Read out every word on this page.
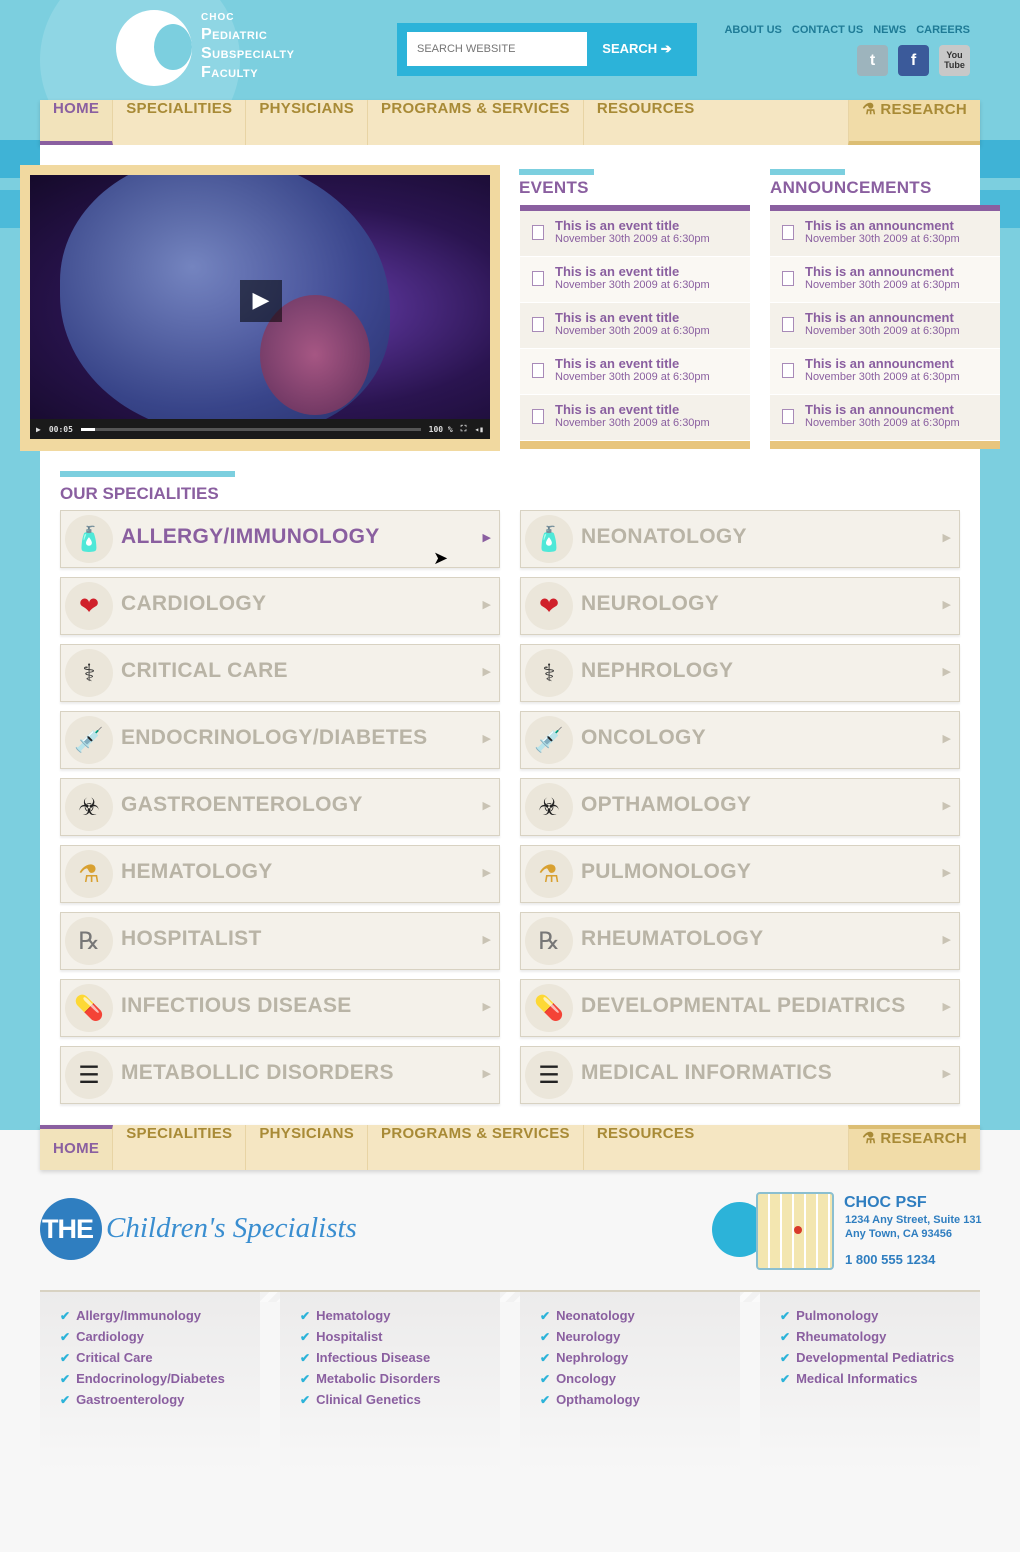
CHOC
Pediatric
Subspecialty
Faculty
SEARCH WEBSITE
SEARCH ➔
ABOUT US CONTACT US NEWS CAREERS
t	f	You
Tube
HOME	SPECIALITIES	PHYSICIANS	PROGRAMS & SERVICES	RESOURCES	⚗ RESEARCH
▶
▶ 00:05	100 % ⛶ ◂▮
EVENTS
This is an event title
November 30th 2009 at 6:30pm
This is an event title
November 30th 2009 at 6:30pm
This is an event title
November 30th 2009 at 6:30pm
This is an event title
November 30th 2009 at 6:30pm
This is an event title
November 30th 2009 at 6:30pm
ANNOUNCEMENTS
This is an announcment
November 30th 2009 at 6:30pm
This is an announcment
November 30th 2009 at 6:30pm
This is an announcment
November 30th 2009 at 6:30pm
This is an announcment
November 30th 2009 at 6:30pm
This is an announcment
November 30th 2009 at 6:30pm
OUR SPECIALITIES
🧴 ALLERGY/IMMUNOLOGY	▶
❤	CARDIOLOGY	▶
⚕	CRITICAL CARE	▶
💉 ENDOCRINOLOGY/DIABETES	▶
☣	GASTROENTEROLOGY	▶
⚗	HEMATOLOGY	▶
℞	HOSPITALIST	▶
💊 INFECTIOUS DISEASE	▶
☰	METABOLLIC DISORDERS	▶
🧴 NEONATOLOGY	▶
❤	NEUROLOGY	▶
⚕	NEPHROLOGY	▶
💉 ONCOLOGY	▶
☣	OPTHAMOLOGY	▶
⚗	PULMONOLOGY	▶
℞	RHEUMATOLOGY	▶
💊 DEVELOPMENTAL PEDIATRICS	▶
☰	MEDICAL INFORMATICS	▶
➤
HOME
SPECIALITIES	PHYSICIANS	PROGRAMS & SERVICES	RESOURCES	⚗ RESEARCH
THE Children's Specialists
CHOC PSF
1234 Any Street, Suite 131
Any Town, CA 93456
1 800 555 1234
✔ Allergy/Immunology
✔ Cardiology
✔ Critical Care
✔ Endocrinology/Diabetes
✔ Gastroenterology
✔ Hematology
✔ Hospitalist
✔ Infectious Disease
✔ Metabolic Disorders
✔ Clinical Genetics
✔ Neonatology
✔ Neurology
✔ Nephrology
✔ Oncology
✔ Opthamology
✔ Pulmonology
✔ Rheumatology
✔ Developmental Pediatrics
✔ Medical Informatics
